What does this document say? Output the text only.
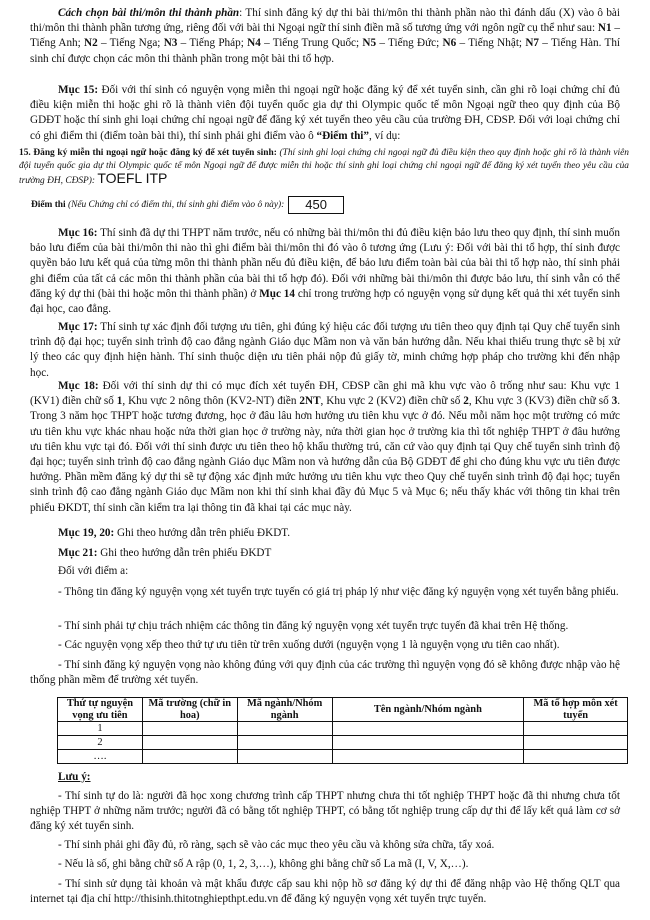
Cách chọn bài thi/môn thi thành phần: Thí sinh đăng ký dự thi bài thi/môn thi thành phần nào thì đánh dấu (X) vào ô bài thi/môn thi thành phần tương ứng, riêng đối với bài thi Ngoại ngữ thí sinh điền mã số tương ứng với ngôn ngữ cụ thể như sau: N1 – Tiếng Anh; N2 – Tiếng Nga; N3 – Tiếng Pháp; N4 – Tiếng Trung Quốc; N5 – Tiếng Đức; N6 – Tiếng Nhật; N7 – Tiếng Hàn. Thí sinh chỉ được chọn các môn thi thành phần trong một bài thi tổ hợp.

Mục 15: Đối với thí sinh có nguyện vọng miễn thi ngoại ngữ hoặc đăng ký để xét tuyển sinh, cần ghi rõ loại chứng chỉ đủ điều kiện miễn thi hoặc ghi rõ là thành viên đội tuyển quốc gia dự thi Olympic quốc tế môn Ngoại ngữ theo quy định của Bộ GDĐT hoặc thí sinh ghi loại chứng chỉ ngoại ngữ để đăng ký xét tuyển theo yêu cầu của trường ĐH, CĐSP. Đối với loại chứng chỉ có ghi điểm thi (điểm toàn bài thi), thí sinh phải ghi điểm vào ô “Điểm thi”, ví dụ:

15. Đăng ký miễn thi ngoại ngữ hoặc đăng ký để xét tuyển sinh: (Thí sinh ghi loại chứng chỉ ngoại ngữ đủ điều kiện theo quy định hoặc ghi rõ là thành viên đội tuyển quốc gia dự thi Olympic quốc tế môn Ngoại ngữ để được miễn thi hoặc thí sinh ghi loại chứng chỉ ngoại ngữ để đăng ký xét tuyển theo yêu cầu của trường ĐH, CĐSP): TOEFL ITP

Điểm thi (Nếu Chứng chỉ có điểm thi, thí sinh ghi điểm vào ô này): 450

Mục 16: Thí sinh đã dự thi THPT năm trước, nếu có những bài thi/môn thi đủ điều kiện bảo lưu theo quy định, thí sinh muốn bảo lưu điểm của bài thi/môn thi nào thì ghi điểm bài thi/môn thi đó vào ô tương ứng (Lưu ý: Đối với bài thi tổ hợp, thí sinh được quyền bảo lưu kết quả của từng môn thi thành phần nếu đủ điều kiện, để bảo lưu điểm toàn bài của bài thi tổ hợp nào, thí sinh phải ghi điểm của tất cả các môn thi thành phần của bài thi tổ hợp đó). Đối với những bài thi/môn thi được bảo lưu, thí sinh vẫn có thể đăng ký dự thi (bài thi hoặc môn thi thành phần) ở Mục 14 chỉ trong trường hợp có nguyện vọng sử dụng kết quả thi xét tuyển sinh đại học, cao đẳng.

Mục 17: Thí sinh tự xác định đối tượng ưu tiên, ghi đúng ký hiệu các đối tượng ưu tiên theo quy định tại Quy chế tuyển sinh trình độ đại học; tuyển sinh trình độ cao đẳng ngành Giáo dục Mầm non và văn bản hướng dẫn. Nếu khai thiếu trung thực sẽ bị xử lý theo các quy định hiện hành. Thí sinh thuộc diện ưu tiên phải nộp đủ giấy tờ, minh chứng hợp pháp cho trường khi đến nhập học.

Mục 18: Đối với thí sinh dự thi có mục đích xét tuyển ĐH, CĐSP cần ghi mã khu vực vào ô trống như sau: Khu vực 1 (KV1) điền chữ số 1, Khu vực 2 nông thôn (KV2-NT) điền 2NT, Khu vực 2 (KV2) điền chữ số 2, Khu vực 3 (KV3) điền chữ số 3. Trong 3 năm học THPT hoặc tương đương, học ở đâu lâu hơn hưởng ưu tiên khu vực ở đó. Nếu mỗi năm học một trường có mức ưu tiên khu vực khác nhau hoặc nửa thời gian học ở trường này, nửa thời gian học ở trường kia thì tốt nghiệp THPT ở đâu hưởng ưu tiên khu vực tại đó. Đối với thí sinh được ưu tiên theo hộ khẩu thường trú, căn cứ vào quy định tại Quy chế tuyển sinh trình độ đại học; tuyển sinh trình độ cao đẳng ngành Giáo dục Mầm non và hướng dẫn của Bộ GDĐT để ghi cho đúng khu vực ưu tiên được hưởng. Phần mềm đăng ký dự thi sẽ tự động xác định mức hưởng ưu tiên khu vực theo Quy chế tuyển sinh trình độ đại học; tuyển sinh trình độ cao đẳng ngành Giáo dục Mầm non khi thí sinh khai đầy đủ Mục 5 và Mục 6; nếu thấy khác với thông tin khai trên phiếu ĐKDT, thí sinh cần kiểm tra lại thông tin đã khai tại các mục này.

Mục 19, 20: Ghi theo hướng dẫn trên phiếu ĐKDT.

Mục 21: Ghi theo hướng dẫn trên phiếu ĐKDT

Đối với điểm a:

- Thông tin đăng ký nguyện vọng xét tuyển trực tuyến có giá trị pháp lý như việc đăng ký nguyện vọng xét tuyển bằng phiếu.

- Thí sinh phải tự chịu trách nhiệm các thông tin đăng ký nguyện vọng xét tuyển trực tuyến đã khai trên Hệ thống.

- Các nguyện vọng xếp theo thứ tự ưu tiên từ trên xuống dưới (nguyện vọng 1 là nguyện vọng ưu tiên cao nhất).

- Thí sinh đăng ký nguyện vọng nào không đúng với quy định của các trường thì nguyện vọng đó sẽ không được nhập vào hệ thống phần mềm để trường xét tuyển.

Thứ tự nguyện vọng ưu tiên	Mã trường (chữ in hoa)	Mã ngành/Nhóm ngành	Tên ngành/Nhóm ngành	Mã tổ hợp môn xét tuyển
1				
2				
….				

Lưu ý:

- Thí sinh tự do là: người đã học xong chương trình cấp THPT nhưng chưa thi tốt nghiệp THPT hoặc đã thi nhưng chưa tốt nghiệp THPT ở những năm trước; người đã có bằng tốt nghiệp THPT, có bằng tốt nghiệp trung cấp dự thi để lấy kết quả làm cơ sở đăng ký xét tuyển sinh.

- Thí sinh phải ghi đầy đủ, rõ ràng, sạch sẽ vào các mục theo yêu cầu và không sửa chữa, tẩy xoá.

- Nếu là số, ghi bằng chữ số A rập (0, 1, 2, 3,…), không ghi bằng chữ số La mã (I, V, X,…).

- Thí sinh sử dụng tài khoản và mật khẩu được cấp sau khi nộp hồ sơ đăng ký dự thi để đăng nhập vào Hệ thống QLT qua internet tại địa chỉ http://thisinh.thitotnghiepthpt.edu.vn để đăng ký nguyện vọng xét tuyển trực tuyến.
